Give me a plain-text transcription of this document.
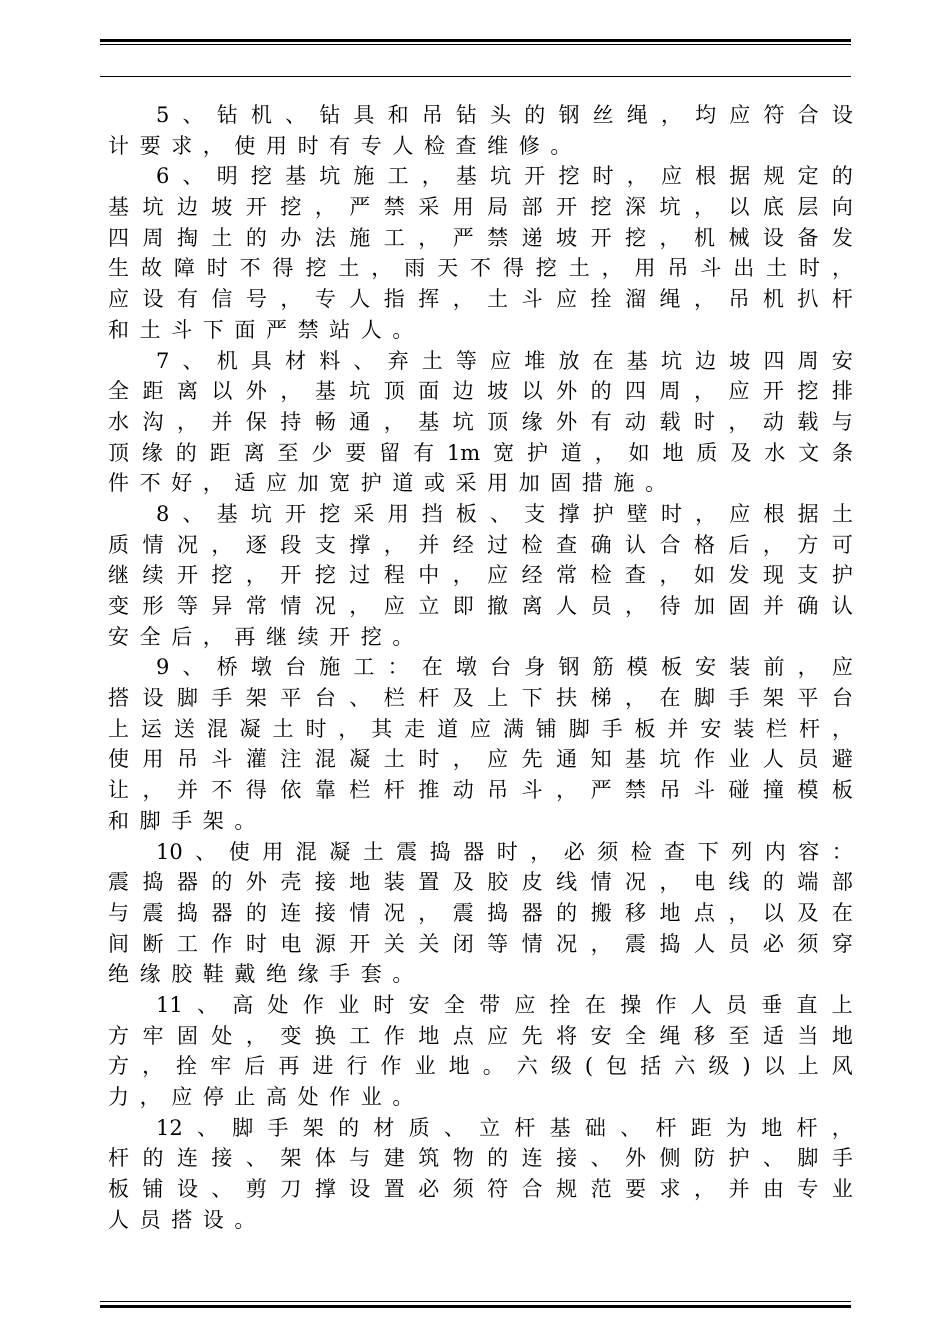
5 、 钻 机 、 钻 具 和 吊 钻 头 的 钢 丝 绳 ， 均 应 符 合 设
计 要 求 ， 使 用 时 有 专 人 检 查 维 修 。
6 、 明 挖 基 坑 施 工 ， 基 坑 开 挖 时 ， 应 根 据 规 定 的
基 坑 边 坡 开 挖 ， 严 禁 采 用 局 部 开 挖 深 坑 ， 以 底 层 向
四 周 掏 土 的 办 法 施 工 ， 严 禁 递 坡 开 挖 ， 机 械 设 备 发
生 故 障 时 不 得 挖 土 ， 雨 天 不 得 挖 土 ， 用 吊 斗 出 土 时 ，
应 设 有 信 号 ， 专 人 指 挥 ， 土 斗 应 拴 溜 绳 ， 吊 机 扒 杆
和 土 斗 下 面 严 禁 站 人 。
7 、 机 具 材 料 、 弃 土 等 应 堆 放 在 基 坑 边 坡 四 周 安
全 距 离 以 外 ， 基 坑 顶 面 边 坡 以 外 的 四 周 ， 应 开 挖 排
水 沟 ， 并 保 持 畅 通 ， 基 坑 顶 缘 外 有 动 载 时 ， 动 载 与
顶 缘 的 距 离 至 少 要 留 有 1m 宽 护 道 ， 如 地 质 及 水 文 条
件 不 好 ， 适 应 加 宽 护 道 或 采 用 加 固 措 施 。
8 、 基 坑 开 挖 采 用 挡 板 、 支 撑 护 壁 时 ， 应 根 据 土
质 情 况 ， 逐 段 支 撑 ， 并 经 过 检 查 确 认 合 格 后 ， 方 可
继 续 开 挖 ， 开 挖 过 程 中 ， 应 经 常 检 查 ， 如 发 现 支 护
变 形 等 异 常 情 况 ， 应 立 即 撤 离 人 员 ， 待 加 固 并 确 认
安 全 后 ， 再 继 续 开 挖 。
9 、 桥 墩 台 施 工 ： 在 墩 台 身 钢 筋 模 板 安 装 前 ， 应
搭 设 脚 手 架 平 台 、 栏 杆 及 上 下 扶 梯 ， 在 脚 手 架 平 台
上 运 送 混 凝 土 时 ， 其 走 道 应 满 铺 脚 手 板 并 安 装 栏 杆 ，
使 用 吊 斗 灌 注 混 凝 土 时 ， 应 先 通 知 基 坑 作 业 人 员 避
让 ， 并 不 得 依 靠 栏 杆 推 动 吊 斗 ， 严 禁 吊 斗 碰 撞 模 板
和 脚 手 架 。
10 、 使 用 混 凝 土 震 捣 器 时 ， 必 须 检 查 下 列 内 容 ：
震 捣 器 的 外 壳 接 地 装 置 及 胶 皮 线 情 况 ， 电 线 的 端 部
与 震 捣 器 的 连 接 情 况 ， 震 捣 器 的 搬 移 地 点 ， 以 及 在
间 断 工 作 时 电 源 开 关 关 闭 等 情 况 ， 震 捣 人 员 必 须 穿
绝 缘 胶 鞋 戴 绝 缘 手 套 。
11 、 高 处 作 业 时 安 全 带 应 拴 在 操 作 人 员 垂 直 上
方 牢 固 处 ， 变 换 工 作 地 点 应 先 将 安 全 绳 移 至 适 当 地
方 ， 拴 牢 后 再 进 行 作 业 地 。 六 级 ( 包 括 六 级 ) 以 上 风
力 ， 应 停 止 高 处 作 业 。
12 、 脚 手 架 的 材 质 、 立 杆 基 础 、 杆 距 为 地 杆 ，
杆 的 连 接 、 架 体 与 建 筑 物 的 连 接 、 外 侧 防 护 、 脚 手
板 铺 设 、 剪 刀 撑 设 置 必 须 符 合 规 范 要 求 ， 并 由 专 业
人 员 搭 设 。
